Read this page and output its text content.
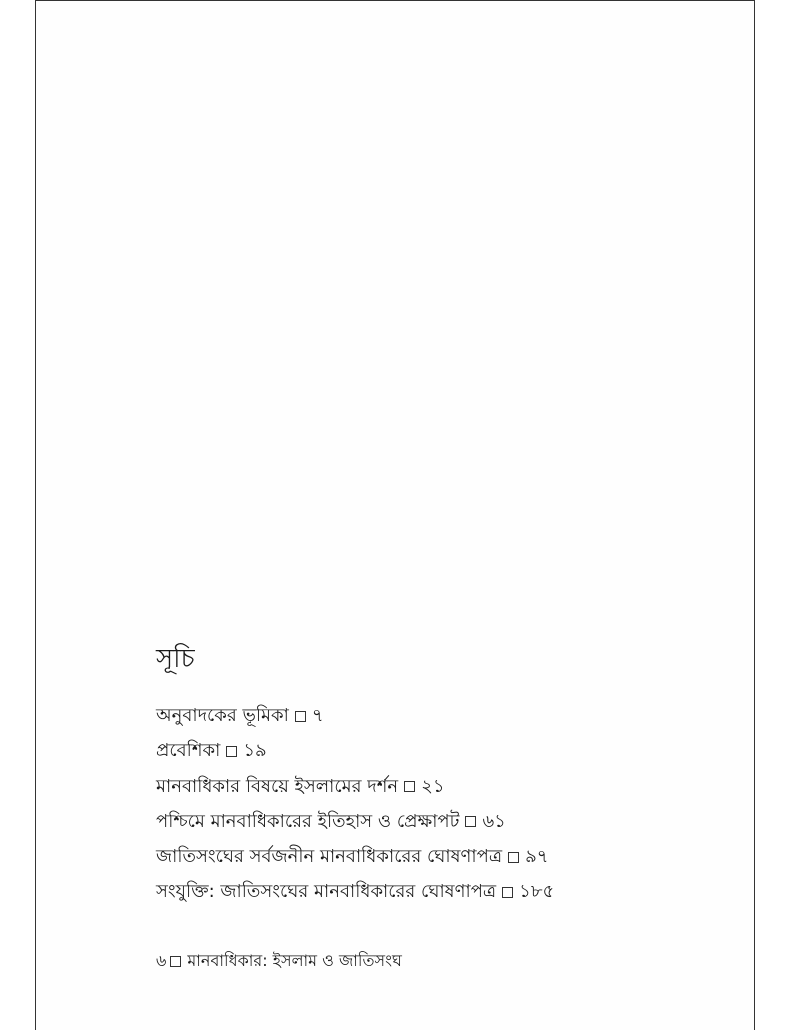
সূচি
অনুবাদকের ভূমিকা ৭
প্রবেশিকা ১৯
মানবাধিকার বিষয়ে ইসলামের দর্শন ২১
পশ্চিমে মানবাধিকারের ইতিহাস ও প্রেক্ষাপট ৬১
জাতিসংঘের সর্বজনীন মানবাধিকারের ঘোষণাপত্র ৯৭
সংযুক্তি: জাতিসংঘের মানবাধিকারের ঘোষণাপত্র ১৮৫
৬ মানবাধিকার: ইসলাম ও জাতিসংঘ
